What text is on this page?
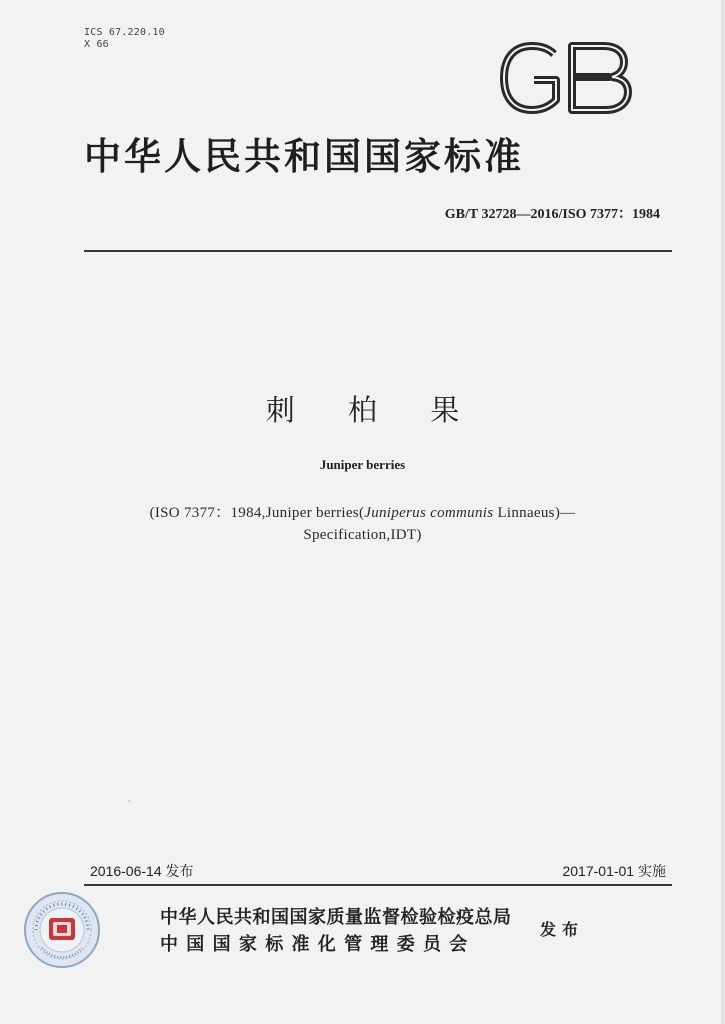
ICS 67.220.10
X 66
中华人民共和国国家标准
GB/T 32728—2016/ISO 7377：1984
刺 柏 果
Juniper berries
(ISO 7377：1984,Juniper berries(Juniperus communis Linnaeus)—
Specification,IDT)
2016-06-14 发布	2017-01-01 实施
中华人民共和国国家质量监督检验检疫总局
中国国家标准化管理委员会
发布
